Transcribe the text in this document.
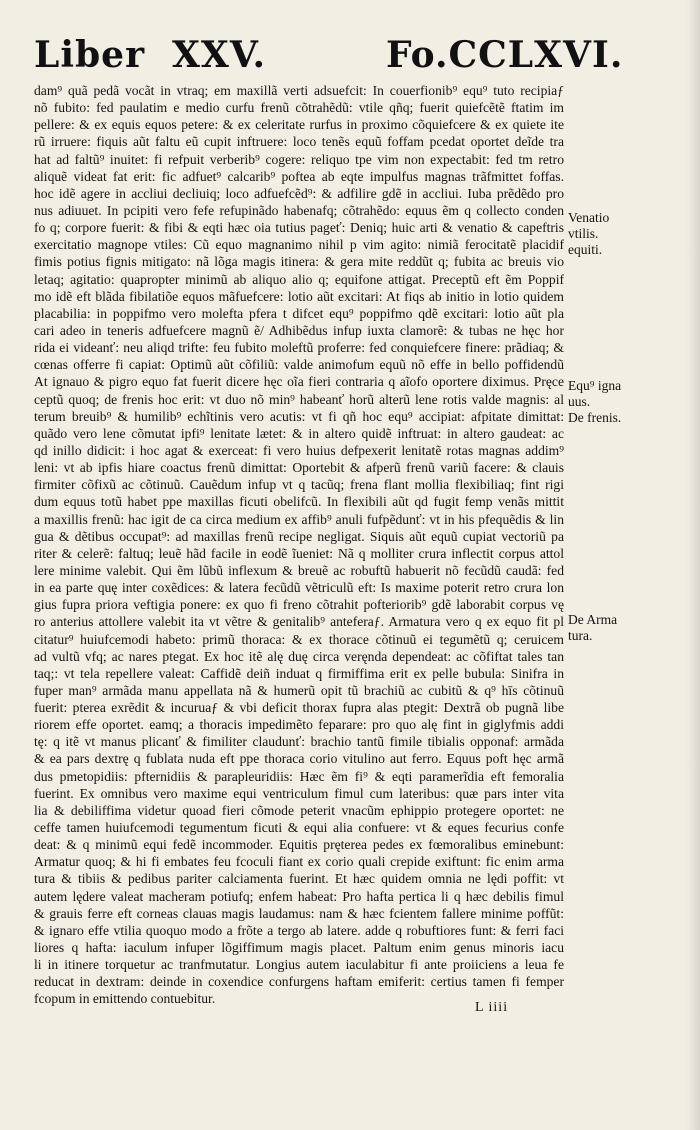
Liber XXV.	Fo.CCLXVI.
dam⁹ quã pedã vocãt in vtraq; em maxillã verti adsuefcit: In couerfionib⁹ equ⁹ tuto recipiaƒ
nõ fubito: fed paulatim e medio curfu frenũ cõtrahẽdũ: vtile qñq; fuerit quiefcẽtẽ ftatim im
pellere: & ex equis equos petere: & ex celeritate rurfus in proximo cõquiefcere & ex quiete ite
rũ irruere: fiquis aũt faltu eũ cupit inftruere: loco tenẽs equũ foffam pcedat oportet deĩde tra
hat ad faltũ⁹ inuitet: fi refpuit verberib⁹ cogere: reliquo tpe vim non expectabit: fed tm retro
aliquẽ videat fat erit: fic adfuet⁹ calcarib⁹ poftea ab eqte impulfus magnas trãfmittet foffas.
hoc idẽ agere in accliui decliuiq; loco adfuefcẽd⁹: & adfilire gdẽ in accliui. Iuba prẽdẽdo pro
nus adiuuet. In pcipiti vero fefe refupinãdo habenafq; cõtrahẽdo: equus ẽm q collecto conden
fo q; corpore fuerit: & fibi & eqti hæc oia tutius pageť: Deniq; huic arti & venatio & capeftris
exercitatio magnope vtiles: Cũ equo magnanimo nihil p vim agito: nimiã ferocitatẽ placidif
fimis potius fignis mitigato: nã lõga magis itinera: & gera mite reddũt q; fubita ac breuis vio
letaq; agitatio: quapropter minimũ ab aliquo alio q; equifone attigat. Preceptũ eft ẽm Poppif
mo idẽ eft blãda fibilatiõe equos mãfuefcere: lotio aũt excitari: At fiqs ab initio in lotio quidem
placabilia: in poppifmo vero molefta pfera t difcet equ⁹ poppifmo qdẽ excitari: lotio aũt pla
cari adeo in teneris adfuefcere magnũ ẽ/ Adhibẽdus infup iuxta clamorẽ: & tubas ne hęc hor
rida ei videanť: neu aliqd trifte: feu fubito moleftũ proferre: fed conquiefcere finere: prãdiaq; &
cœnas offerre fi capiat: Optimũ aũt cõfiliũ: valde animofum equũ nõ effe in bello poffidendũ
At ignauo & pigro equo fat fuerit dicere hęc oĩa fieri contraria q aĩofo oportere diximus. Pręce
ceptũ quoq; de frenis hoc erit: vt duo nõ min⁹ habeanť horũ alterũ lene rotis valde magnis: al
terum breuib⁹ & humilib⁹ echĩtinis vero acutis: vt fi qñ hoc equ⁹ accipiat: afpitate dimittat:
quãdo vero lene cõmutat ipfi⁹ lenitate lætet: & in altero quidẽ inftruat: in altero gaudeat: ac
qd inillo didicit: i hoc agat & exerceat: fi vero huius defpexerit lenitatẽ rotas magnas addim⁹
leni: vt ab ipfis hiare coactus frenũ dimittat: Oportebit & afperũ frenũ variũ facere: & clauis
firmiter cõfixũ ac cõtinuũ. Cauẽdum infup vt q tacũq; frena flant mollia flexibiliaq; fint rigi
dum equus totũ habet ppe maxillas ficuti obelifcũ. In flexibili aũt qd fugit femp venãs mittit
a maxillis frenũ: hac igit de ca circa medium ex affib⁹ anuli fufpẽdunť: vt in his pfequẽdis & lin
gua & dẽtibus occupat⁹: ad maxillas frenũ recipe negligat. Siquis aũt equũ cupiat vectoriũ pa
riter & celerẽ: faltuq; leuẽ hãd facile in eodẽ ĩueniet: Nã q molliter crura inflectit corpus attol
lere minime valebit. Qui ẽm lũbũ inflexum & breuẽ ac robuftũ habuerit nõ fecũdũ caudã: fed
in ea parte quę inter coxẽdices: & latera fecũdũ vẽtriculũ eft: Is maxime poterit retro crura lon
gius fupra priora veftigia ponere: ex quo fi freno cõtrahit pofteriorib⁹ gdẽ laborabit corpus vę
ro anterius attollere valebit ita vt vẽtre & genitalib⁹ anteferaƒ. Armatura vero q ex equo fit pl
citatur⁹ huiufcemodi habeto: primũ thoraca: & ex thorace cõtinuũ ei tegumẽtũ q; ceruicem
ad vultũ vfq; ac nares ptegat. Ex hoc itẽ alę duę circa veręnda dependeat: ac cõfiftat tales tan
taq;: vt tela repellere valeat: Caffidẽ deiñ induat q firmiffima erit ex pelle bubula: Sinifra in
fuper man⁹ armãda manu appellata nã & humerũ opit tũ brachiũ ac cubitũ & q⁹ hīs cõtinuũ
fuerit: ptereа exrẽdit & incuruaƒ & vbi deficit thorax fupra alas ptegit: Dextrã ob pugnã libe
riorem effe oportet. eamq; a thoracis impedimẽto feparare: pro quo alę fint in giglyfmis addi
tę: q itẽ vt manus plicanť & fimiliter claudunť: brachio tantũ fimile tibialis opponaf: armãda
& ea pars dextrę q fublata nuda eft ppe thoraca corio vitulino aut ferro. Equus poft hęc armã
dus pmetopidiis: pfternidiis & parapleuridiis: Hæc ẽm fi⁹ & eqti paramerĩdia eft femoralia
fuerint. Ex omnibus vero maxime equi ventriculum fimul cum lateribus: quæ pars inter vita
lia & debiliffima videtur quoad fieri cõmode peterit vnacũm ephippio protegere oportet: ne
ceffe tamen huiufcemodi tegumentum ficuti & equi alia confuere: vt & eques fecurius confe
deat: & q minimũ equi fedẽ incommoder. Equitis pręterea pedes ex fœmoralibus eminebunt:
Armatur quoq; & hi fi embates feu fcoculi fiant ex corio quali crepide exiftunt: fic enim arma
tura & tibiis & pedibus pariter calciamenta fuerint. Et hæc quidem omnia ne lędi poffit: vt
autem lędere valeat macheram potiufq; enfem habeat: Pro hafta pertica li q hæc debilis fimul
& grauis ferre eft corneas clauas magis laudamus: nam & hæc fcientem fallere minime poffũt:
& ignaro effe vtilia quoquo modo a frõte a tergo ab latere. adde q robuftiores funt: & ferri faci
liores q hafta: iaculum infuper lõgiffimum magis placet. Paltum enim genus minoris iacu
li in itinere torquetur ac tranfmutatur. Longius autem iaculabitur fi ante proiiciens a leua fe
reducat in dextram: deinde in coxendice confurgens haftam emiferit: certius tamen fi femper
fcopum in emittendo contuebitur.
Venatio
vtilis.
equiti.
Equ⁹ igna
uus.
De frenis.
De Arma
tura.
L iiii
